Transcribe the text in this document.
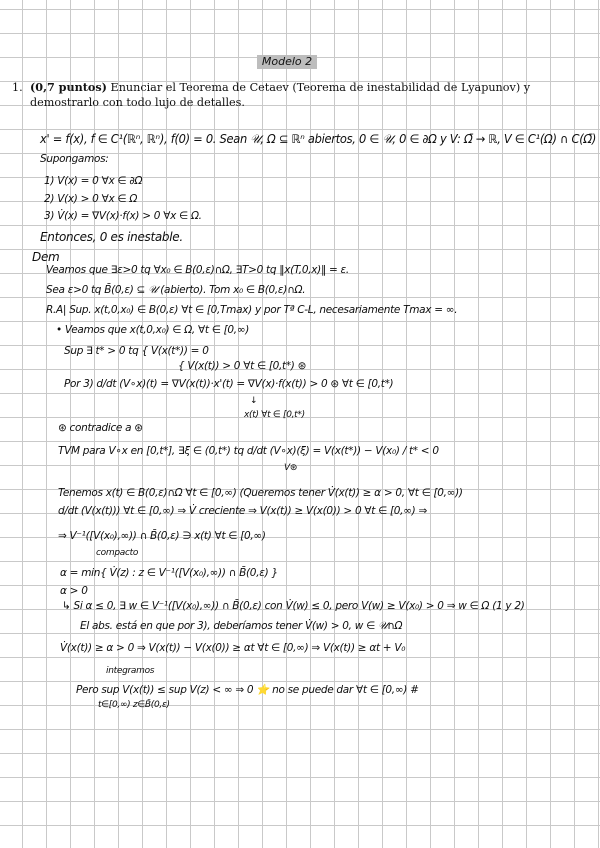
Modelo 2
1. (0,7 puntos) Enunciar el Teorema de Cetaev (Teorema de inestabilidad de Lyapunov) y demostrarlo con todo lujo de detalles.
x' = f(x), f ∈ C¹(ℝⁿ, ℝⁿ), f(0) = 0. Sean 𝒰, Ω ⊆ ℝⁿ abiertos, 0 ∈ 𝒰, 0 ∈ ∂Ω y V: Ω̄ → ℝ, V ∈ C¹(Ω) ∩ C(Ω̄)
Supongamos:
1) V(x) = 0 ∀x ∈ ∂Ω
2) V(x) > 0 ∀x ∈ Ω
3) V̇(x) = ∇V(x)·f(x) > 0 ∀x ∈ Ω.
Entonces, 0 es inestable.
Dem
Veamos que ∃ε>0 tq ∀x₀ ∈ B(0,ε)∩Ω, ∃T>0 tq ‖x(T,0,x)‖ = ε.
Sea ε>0 tq B̄(0,ε) ⊆ 𝒰 (abierto). Tom x₀ ∈ B(0,ε)∩Ω.
R.A| Sup. x(t,0,x₀) ∈ B(0,ε) ∀t ∈ [0,Tmax) y por Tª C-L, necesariamente Tmax = ∞.
• Veamos que x(t,0,x₀) ∈ Ω, ∀t ∈ [0,∞)
Sup ∃ t* > 0 tq { V(x(t*)) = 0
{ V(x(t)) > 0 ∀t ∈ [0,t*) ⊛
Por 3) d/dt (V∘x)(t) = ∇V(x(t))·x'(t) = ∇V(x)·f(x(t)) > 0 ⊛ ∀t ∈ [0,t*)
↓
x(t) ∀t ∈ [0,t*)
⊛ contradice a ⊛
TVM para V∘x en [0,t*], ∃ξ ∈ (0,t*) tq d/dt (V∘x)(ξ) = V(x(t*)) − V(x₀) / t* < 0
V⊛
Tenemos x(t) ∈ B(0,ε)∩Ω ∀t ∈ [0,∞) (Queremos tener V̇(x(t)) ≥ α > 0, ∀t ∈ [0,∞))
d/dt (V(x(t))) ∀t ∈ [0,∞) ⇒ V̇ creciente ⇒ V(x(t)) ≥ V(x(0)) > 0 ∀t ∈ [0,∞) ⇒
⇒ V⁻¹([V(x₀),∞)) ∩ B̄(0,ε) ∋ x(t) ∀t ∈ [0,∞)
compacto
α = min{ V̇(z) : z ∈ V⁻¹([V(x₀),∞)) ∩ B̄(0,ε) }
α > 0
↳ Si α ≤ 0, ∃ w ∈ V⁻¹([V(x₀),∞)) ∩ B̄(0,ε) con V̇(w) ≤ 0, pero V(w) ≥ V(x₀) > 0 ⇒ w ∈ Ω (1 y 2)
El abs. está en que por 3), deberíamos tener V̇(w) > 0, w ∈ 𝒰∩Ω
V̇(x(t)) ≥ α > 0 ⇒ V(x(t)) − V(x(0)) ≥ αt ∀t ∈ [0,∞) ⇒ V(x(t)) ≥ αt + V₀
integramos
Pero sup V(x(t)) ≤ sup V(z) < ∞ ⇒ 0 ⭐ no se puede dar ∀t ∈ [0,∞) #
t∈[0,∞) z∈B̄(0,ε)
